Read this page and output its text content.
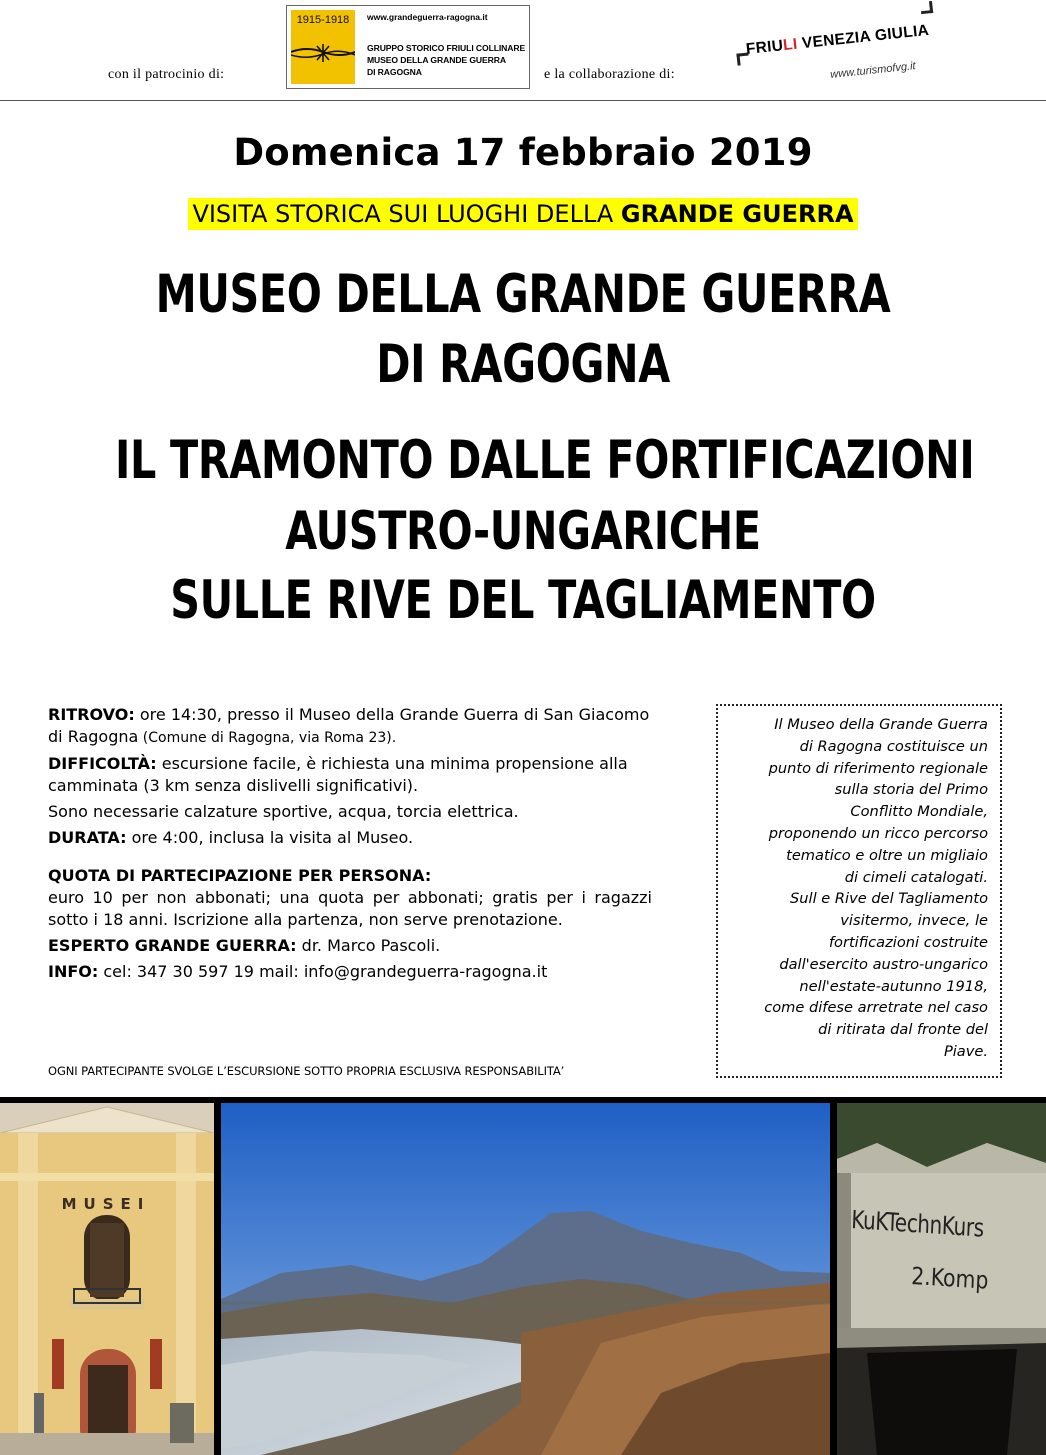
con il patrocinio di:
1915-1918	www.grandeguerra-ragogna.it
GRUPPO STORICO FRIULI COLLINARE
MUSEO DELLA GRANDE GUERRA
DI RAGOGNA	e la collaborazione di:
FRIULI VENEZIA GIULIA
www.turismofvg.it
Domenica 17 febbraio 2019
VISITA STORICA SUI LUOGHI DELLA GRANDE GUERRA
MUSEO DELLA GRANDE GUERRA
DI RAGOGNA
IL TRAMONTO DALLE FORTIFICAZIONI
AUSTRO-UNGARICHE
SULLE RIVE DEL TAGLIAMENTO

RITROVO: ore 14:30, presso il Museo della Grande Guerra di San Giacomo di Ragogna (Comune di Ragogna, via Roma 23).

DIFFICOLTÀ: escursione facile, è richiesta una minima propensione alla camminata (3 km senza dislivelli significativi).

Sono necessarie calzature sportive, acqua, torcia elettrica.

DURATA: ore 4:00, inclusa la visita al Museo.

QUOTA DI PARTECIPAZIONE PER PERSONA:

euro 10 per non abbonati; una quota per abbonati; gratis per i ragazzi sotto i 18 anni. Iscrizione alla partenza, non serve prenotazione.

ESPERTO GRANDE GUERRA: dr. Marco Pascoli.

INFO: cel: 347 30 597 19 mail: info@grandeguerra-ragogna.it

OGNI PARTECIPANTE SVOLGE L’ESCURSIONE SOTTO PROPRIA ESCLUSIVA RESPONSABILITA’
Il Museo della Grande Guerra
di Ragogna costituisce un
punto di riferimento regionale
sulla storia del Primo
Conflitto Mondiale,
proponendo un ricco percorso
tematico e oltre un migliaio
di cimeli catalogati.
Sull e Rive del Tagliamento
visitermo, invece, le
fortificazioni costruite
dall'esercito austro-ungarico
nell'estate-autunno 1918,
come difese arretrate nel caso
di ritirata dal fronte del
Piave.
MUSEI
KuKTechnKurs
2.Komp
